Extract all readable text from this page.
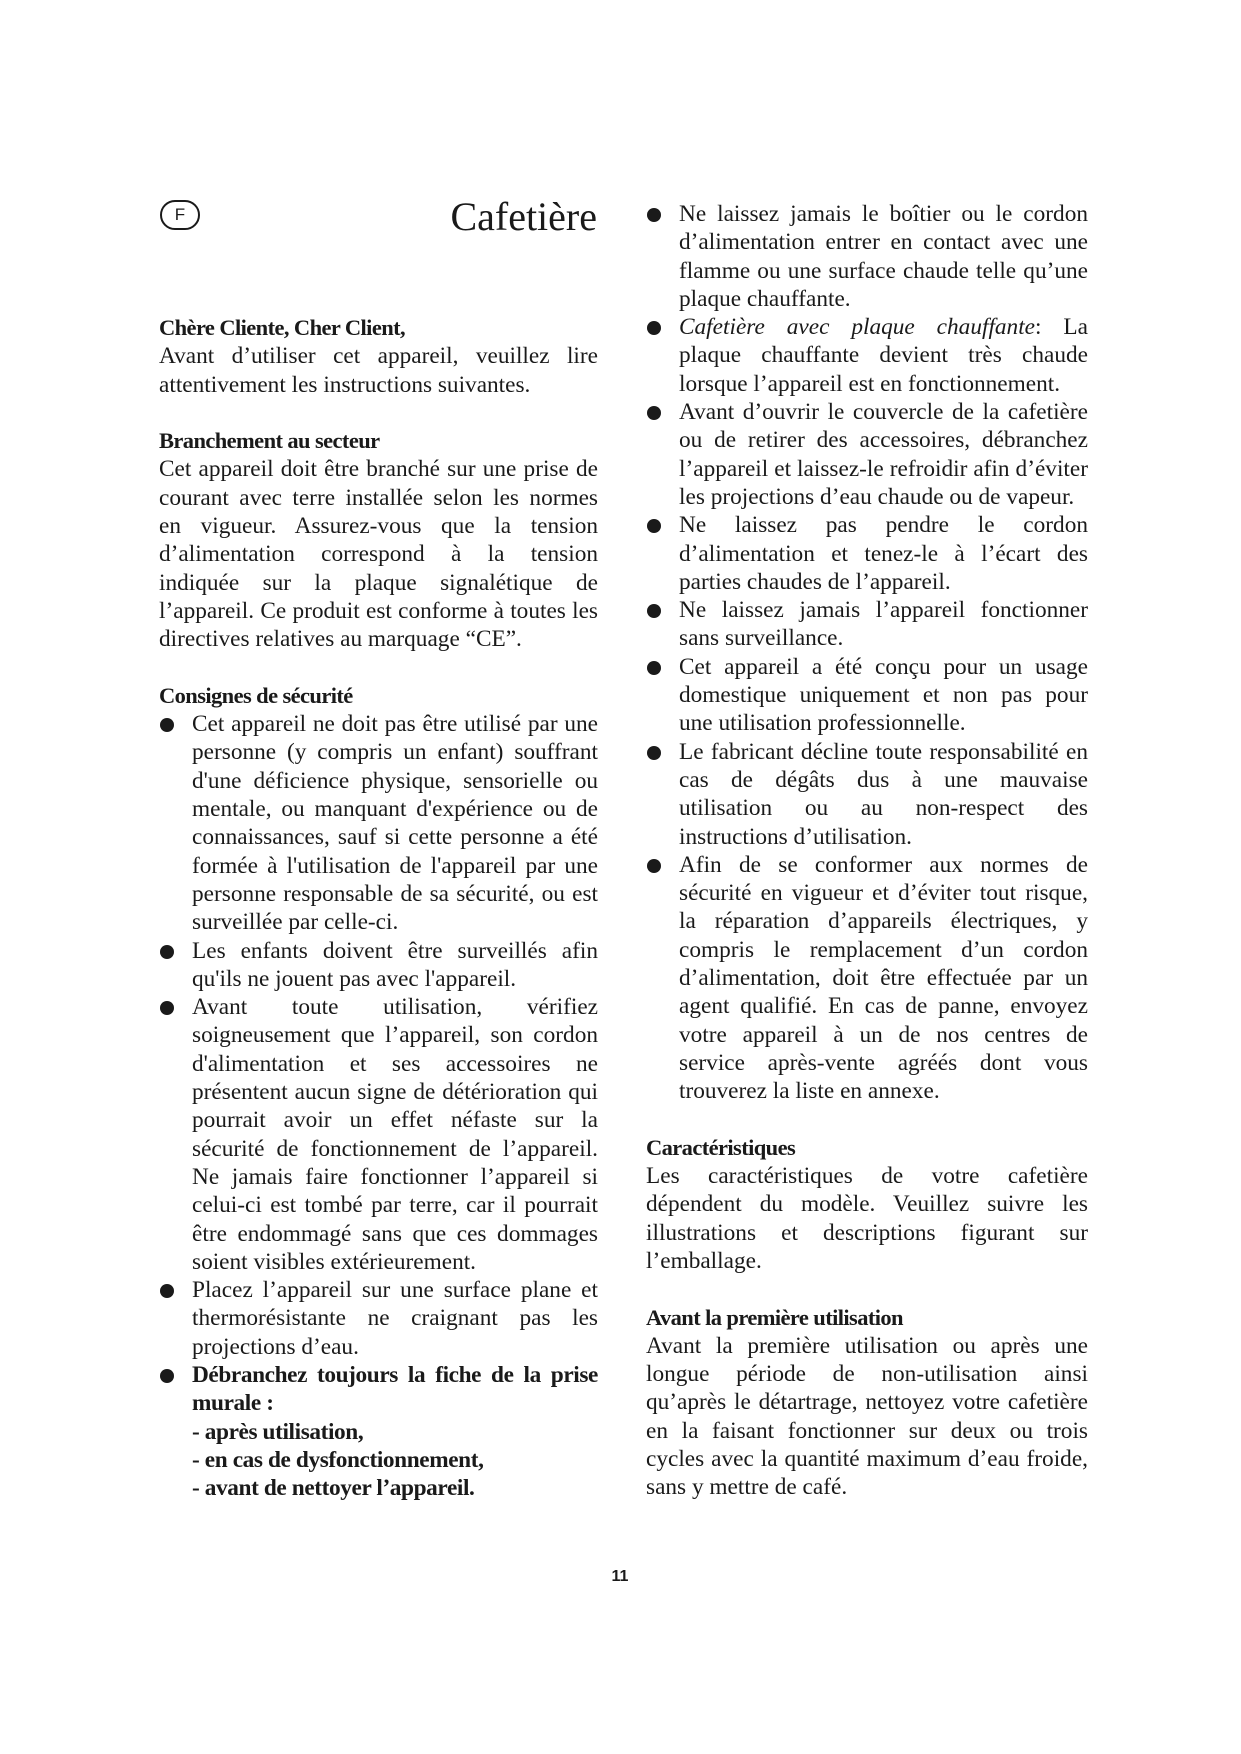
F	Cafetière
Chère Cliente, Cher Client,

Avant d’utiliser cet appareil, veuillez lire attentivement les instructions suivantes.

Branchement au secteur

Cet appareil doit être branché sur une prise de courant avec terre installée selon les normes en vigueur. Assurez-vous que la tension d’alimentation correspond à la tension indiquée sur la plaque signalétique de l’appareil. Ce produit est conforme à toutes les directives relatives au marquage “CE”.

Consignes de sécurité
Cet appareil ne doit pas être utilisé par une personne (y compris un enfant) souffrant d'une déficience physique, sensorielle ou mentale, ou manquant d'expérience ou de connaissances, sauf si cette personne a été formée à l'utilisation de l'appareil par une personne responsable de sa sécurité, ou est surveillée par celle-ci.
Les enfants doivent être surveillés afin qu'ils ne jouent pas avec l'appareil.
Avant toute utilisation, vérifiez soigneusement que l’appareil, son cordon d'alimentation et ses accessoires ne présentent aucun signe de détérioration qui pourrait avoir un effet néfaste sur la sécurité de fonctionnement de l’appareil. Ne jamais faire fonctionner l’appareil si celui-ci est tombé par terre, car il pourrait être endommagé sans que ces dommages soient visibles extérieurement.
Placez l’appareil sur une surface plane et thermorésistante ne craignant pas les projections d’eau.
Débranchez toujours la fiche de la prise murale :
- après utilisation,
- en cas de dysfonctionnement,
- avant de nettoyer l’appareil.
Ne laissez jamais le boîtier ou le cordon d’alimentation entrer en contact avec une flamme ou une surface chaude telle qu’une plaque chauffante.
Cafetière avec plaque chauffante: La plaque chauffante devient très chaude lorsque l’appareil est en fonctionnement.
Avant d’ouvrir le couvercle de la cafetière ou de retirer des accessoires, débranchez l’appareil et laissez-le refroidir afin d’éviter les projections d’eau chaude ou de vapeur.
Ne laissez pas pendre le cordon d’alimentation et tenez-le à l’écart des parties chaudes de l’appareil.
Ne laissez jamais l’appareil fonctionner sans surveillance.
Cet appareil a été conçu pour un usage domestique uniquement et non pas pour une utilisation professionnelle.
Le fabricant décline toute responsabilité en cas de dégâts dus à une mauvaise utilisation ou au non-respect des instructions d’utilisation.
Afin de se conformer aux normes de sécurité en vigueur et d’éviter tout risque, la réparation d’appareils électriques, y compris le remplacement d’un cordon d’alimentation, doit être effectuée par un agent qualifié. En cas de panne, envoyez votre appareil à un de nos centres de service après-vente agréés dont vous trouverez la liste en annexe.
Caractéristiques

Les caractéristiques de votre cafetière dépendent du modèle. Veuillez suivre les illustrations et descriptions figurant sur l’emballage.

Avant la première utilisation

Avant la première utilisation ou après une longue période de non-utilisation ainsi qu’après le détartrage, nettoyez votre cafetière en la faisant fonctionner sur deux ou trois cycles avec la quantité maximum d’eau froide, sans y mettre de café.

11
